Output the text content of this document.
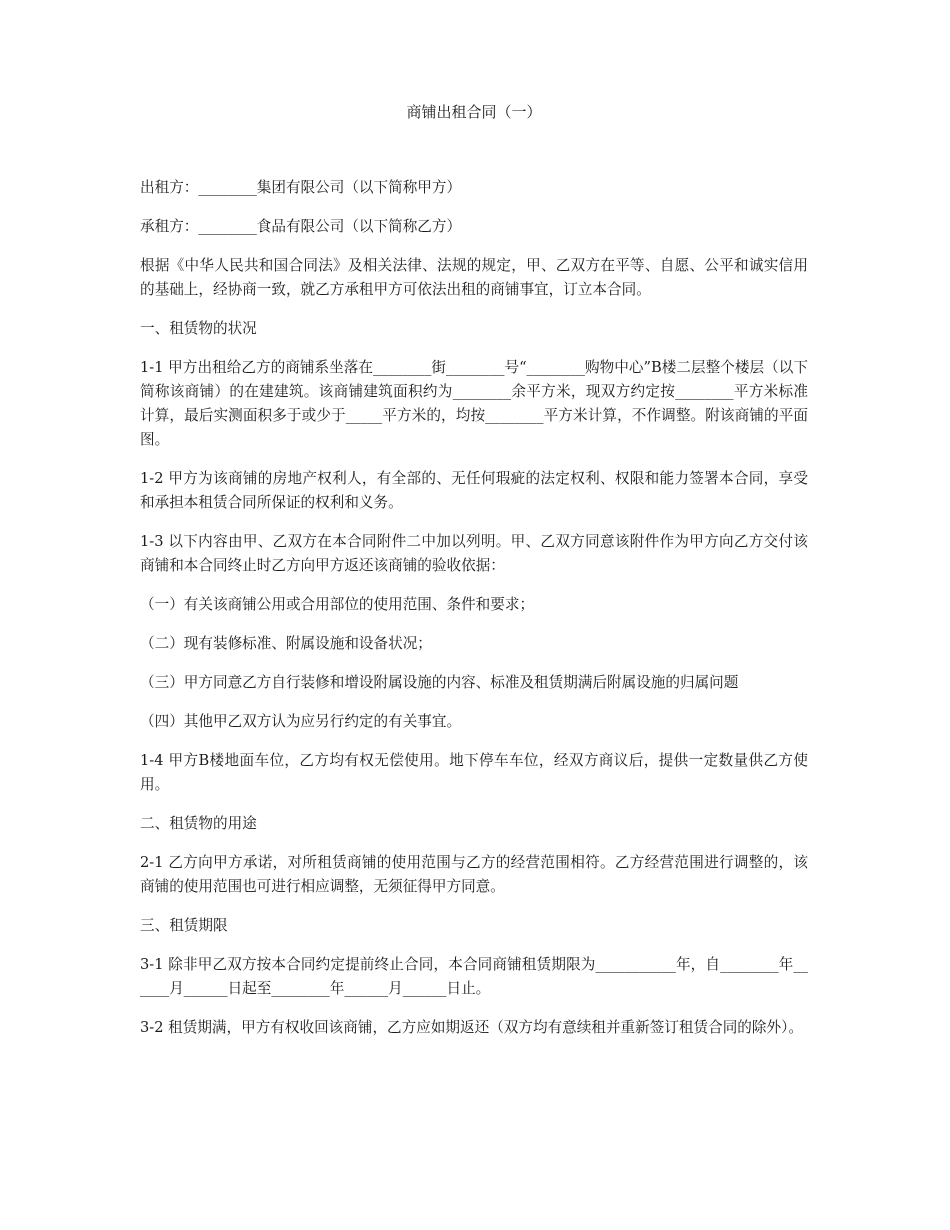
商铺出租合同（一）

出租方：________集团有限公司（以下简称甲方）

承租方：________食品有限公司（以下简称乙方）

根据《中华人民共和国合同法》及相关法律、法规的规定，甲、乙双方在平等、自愿、公平和诚实信用的基础上，经协商一致，就乙方承租甲方可依法出租的商铺事宜，订立本合同。

一、租赁物的状况

1-1 甲方出租给乙方的商铺系坐落在________街________号“________购物中心”B楼二层整个楼层（以下简称该商铺）的在建建筑。该商铺建筑面积约为________余平方米，现双方约定按________平方米标准计算，最后实测面积多于或少于_____平方米的，均按________平方米计算，不作调整。附该商铺的平面图。

1-2 甲方为该商铺的房地产权利人，有全部的、无任何瑕疵的法定权利、权限和能力签署本合同，享受和承担本租赁合同所保证的权利和义务。

1-3 以下内容由甲、乙双方在本合同附件二中加以列明。甲、乙双方同意该附件作为甲方向乙方交付该商铺和本合同终止时乙方向甲方返还该商铺的验收依据：

（一）有关该商铺公用或合用部位的使用范围、条件和要求；

（二）现有装修标准、附属设施和设备状况；

（三）甲方同意乙方自行装修和增设附属设施的内容、标准及租赁期满后附属设施的归属问题

（四）其他甲乙双方认为应另行约定的有关事宜。

1-4 甲方B楼地面车位，乙方均有权无偿使用。地下停车车位，经双方商议后，提供一定数量供乙方使用。

二、租赁物的用途

2-1 乙方向甲方承诺，对所租赁商铺的使用范围与乙方的经营范围相符。乙方经营范围进行调整的，该商铺的使用范围也可进行相应调整，无须征得甲方同意。

三、租赁期限

3-1 除非甲乙双方按本合同约定提前终止合同，本合同商铺租赁期限为___________年，自________年______月______日起至________年______月______日止。

3-2 租赁期满，甲方有权收回该商铺，乙方应如期返还（双方均有意续租并重新签订租赁合同的除外）。
